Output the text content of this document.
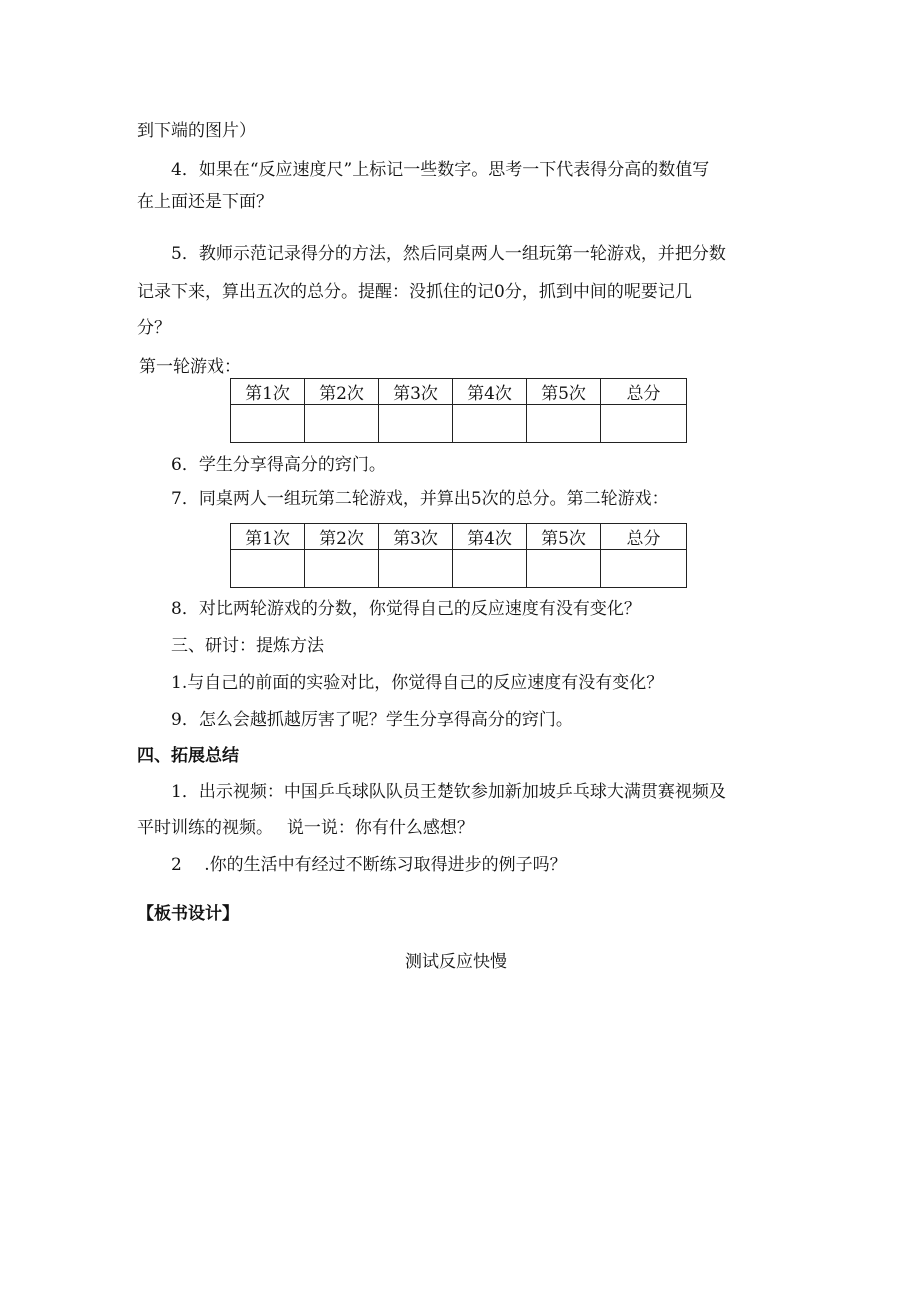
到下端的图片）
4．如果在“反应速度尺”上标记一些数字。思考一下代表得分高的数值写
在上面还是下面？
5．教师示范记录得分的方法，然后同桌两人一组玩第一轮游戏，并把分数
记录下来，算出五次的总分。提醒：没抓住的记0分，抓到中间的呢要记几
分？
第一轮游戏：
第1次	第2次	第3次	第4次	第5次	总分

6．学生分享得高分的窍门。
7．同桌两人一组玩第二轮游戏，并算出5次的总分。第二轮游戏：
第1次	第2次	第3次	第4次	第5次	总分

8．对比两轮游戏的分数，你觉得自己的反应速度有没有变化？
三、研讨：提炼方法
1.与自己的前面的实验对比，你觉得自己的反应速度有没有变化？
9．怎么会越抓越厉害了呢？学生分享得高分的窍门。
四、拓展总结
1．出示视频：中国乒乓球队队员王楚钦参加新加坡乒乓球大满贯赛视频及
平时训练的视频。　 说一说：你有什么感想？
2　 .你的生活中有经过不断练习取得进步的例子吗？
【板书设计】
测试反应快慢
